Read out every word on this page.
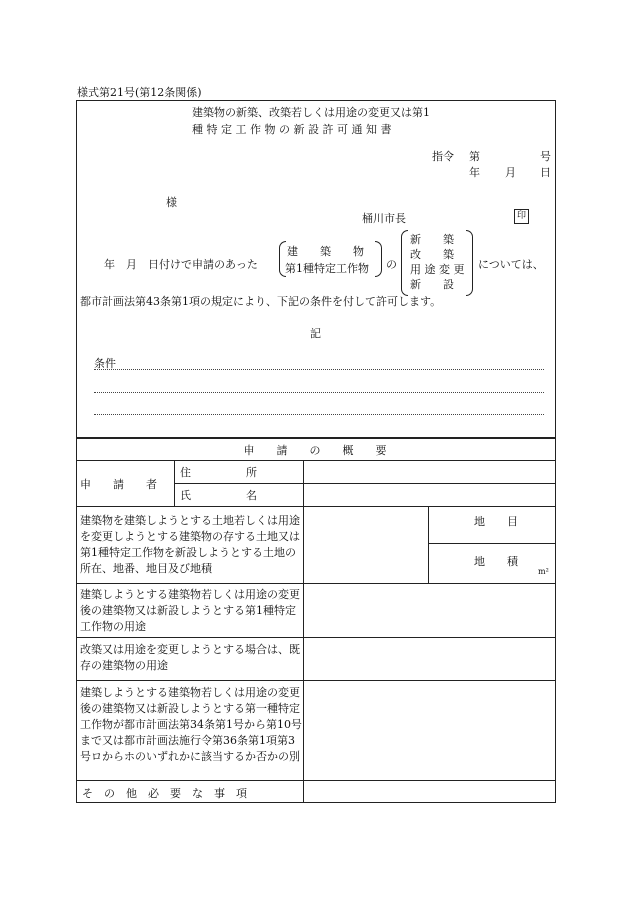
様式第21号(第12条関係)
建築物の新築、改築若しくは用途の変更又は第1
種 特 定 工 作 物 の 新 設 許 可 通 知 書
指令 第	号
年 月 日
様
桶川市長	印
年　月　日付けで申請のあった
建　　築　　物
第1種特定工作物 の
新　　築
改　　築
用 途 変 更
新　　設
については、
都市計画法第43条第1項の規定により、下記の条件を付して許可します。
記
条件
申　　請　　の　　概　　要
申　　請　　者
住　　　　　所
氏　　　　　名
建築物を建築しようとする土地若しくは用途を変更しようとする建築物の存する土地又は第1種特定工作物を新設しようとする土地の所在、地番、地目及び地積
地　　目
地　　積
m²
建築しようとする建築物若しくは用途の変更後の建築物又は新設しようとする第1種特定工作物の用途
改築又は用途を変更しようとする場合は、既存の建築物の用途
建築しようとする建築物若しくは用途の変更後の建築物又は新設しようとする第一種特定工作物が都市計画法第34条第1号から第10号まで又は都市計画法施行令第36条第1項第3号ロからホのいずれかに該当するか否かの別
そ　の　他　必　要　な　事　項
